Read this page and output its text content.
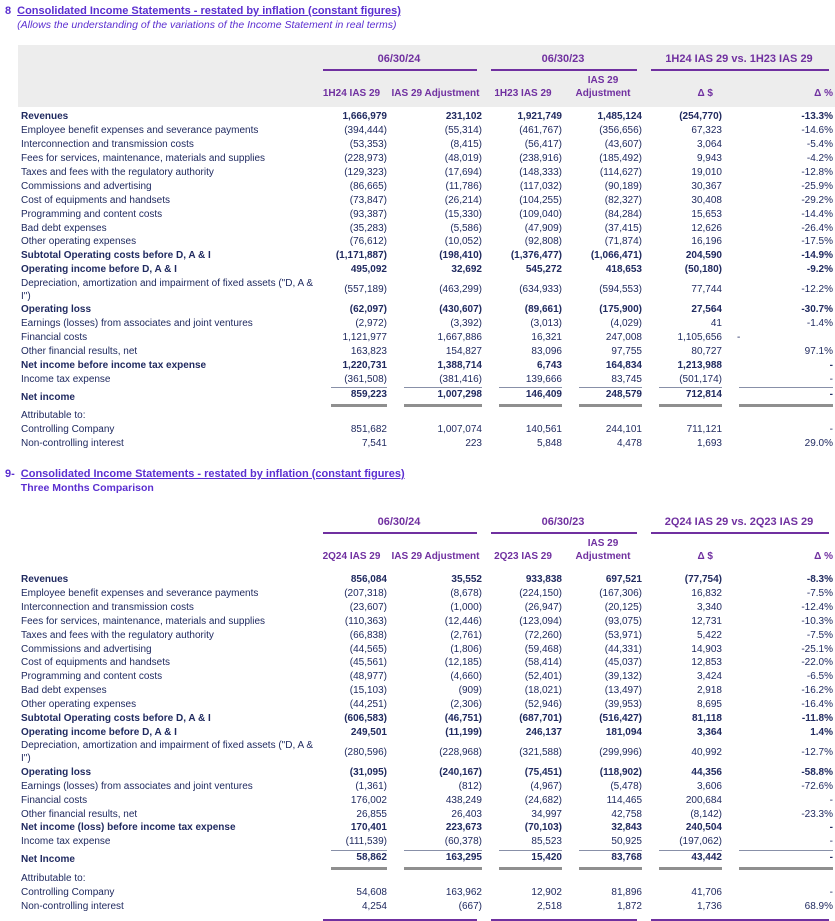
8 Consolidated Income Statements - restated by inflation (constant figures)
(Allows the understanding of the variations of the Income Statement in real terms)
06/30/24	06/30/23	1H24 IAS 29 vs. 1H23 IAS 29
1H24 IAS 29	IAS 29 Adjustment	1H23 IAS 29
IAS 29 Adjustment	Δ $	Δ %
Revenues	1,666,979	231,102	1,921,749	1,485,124	(254,770)	-13.3%
Employee benefit expenses and severance payments	(394,444)	(55,314)	(461,767)	(356,656)	67,323	-14.6%
Interconnection and transmission costs	(53,353)	(8,415)	(56,417)	(43,607)	3,064	-5.4%
Fees for services, maintenance, materials and supplies	(228,973)	(48,019)	(238,916)	(185,492)	9,943	-4.2%
Taxes and fees with the regulatory authority	(129,323)	(17,694)	(148,333)	(114,627)	19,010	-12.8%
Commissions and advertising	(86,665)	(11,786)	(117,032)	(90,189)	30,367	-25.9%
Cost of equipments and handsets	(73,847)	(26,214)	(104,255)	(82,327)	30,408	-29.2%
Programming and content costs	(93,387)	(15,330)	(109,040)	(84,284)	15,653	-14.4%
Bad debt expenses	(35,283)	(5,586)	(47,909)	(37,415)	12,626	-26.4%
Other operating expenses	(76,612)	(10,052)	(92,808)	(71,874)	16,196	-17.5%
Subtotal Operating costs before D, A & I	(1,171,887)	(198,410)	(1,376,477)	(1,066,471)	204,590	-14.9%
Operating income before D, A & I	495,092	32,692	545,272	418,653	(50,180)	-9.2%
Depreciation, amortization and impairment of fixed assets ("D, A & I")
(557,189)	(463,299)	(634,933)	(594,553)	77,744	-12.2%
Operating loss	(62,097)	(430,607)	(89,661)	(175,900)	27,564	-30.7%
Earnings (losses) from associates and joint ventures	(2,972)	(3,392)	(3,013)	(4,029)	41	-1.4%
Financial costs	1,121,977	1,667,886	16,321	247,008	1,105,656	-
Other financial results, net	163,823	154,827	83,096	97,755	80,727	97.1%
Net income before income tax expense	1,220,731	1,388,714	6,743	164,834	1,213,988	-
Income tax expense	(361,508)	(381,416)	139,666	83,745	(501,174)	-
Net income	859,223	1,007,298	146,409	248,579	712,814	-
Attributable to:
Controlling Company	851,682	1,007,074	140,561	244,101	711,121	-
Non-controlling interest	7,541	223	5,848	4,478	1,693	29.0%
9- Consolidated Income Statements - restated by inflation (constant figures)
Three Months Comparison
06/30/24	06/30/23	2Q24 IAS 29 vs. 2Q23 IAS 29
2Q24 IAS 29	IAS 29 Adjustment	2Q23 IAS 29
IAS 29 Adjustment	Δ $	Δ %
Revenues	856,084	35,552	933,838	697,521	(77,754)	-8.3%
Employee benefit expenses and severance payments	(207,318)	(8,678)	(224,150)	(167,306)	16,832	-7.5%
Interconnection and transmission costs	(23,607)	(1,000)	(26,947)	(20,125)	3,340	-12.4%
Fees for services, maintenance, materials and supplies	(110,363)	(12,446)	(123,094)	(93,075)	12,731	-10.3%
Taxes and fees with the regulatory authority	(66,838)	(2,761)	(72,260)	(53,971)	5,422	-7.5%
Commissions and advertising	(44,565)	(1,806)	(59,468)	(44,331)	14,903	-25.1%
Cost of equipments and handsets	(45,561)	(12,185)	(58,414)	(45,037)	12,853	-22.0%
Programming and content costs	(48,977)	(4,660)	(52,401)	(39,132)	3,424	-6.5%
Bad debt expenses	(15,103)	(909)	(18,021)	(13,497)	2,918	-16.2%
Other operating expenses	(44,251)	(2,306)	(52,946)	(39,953)	8,695	-16.4%
Subtotal Operating costs before D, A & I	(606,583)	(46,751)	(687,701)	(516,427)	81,118	-11.8%
Operating income before D, A & I	249,501	(11,199)	246,137	181,094	3,364	1.4%
Depreciation, amortization and impairment of fixed assets ("D, A & I")
(280,596)	(228,968)	(321,588)	(299,996)	40,992	-12.7%
Operating loss	(31,095)	(240,167)	(75,451)	(118,902)	44,356	-58.8%
Earnings (losses) from associates and joint ventures	(1,361)	(812)	(4,967)	(5,478)	3,606	-72.6%
Financial costs	176,002	438,249	(24,682)	114,465	200,684	-
Other financial results, net	26,855	26,403	34,997	42,758	(8,142)	-23.3%
Net income (loss) before income tax expense	170,401	223,673	(70,103)	32,843	240,504	-
Income tax expense	(111,539)	(60,378)	85,523	50,925	(197,062)	-
Net Income	58,862	163,295	15,420	83,768	43,442	-
Attributable to:
Controlling Company	54,608	163,962	12,902	81,896	41,706	-
Non-controlling interest	4,254	(667)	2,518	1,872	1,736	68.9%
